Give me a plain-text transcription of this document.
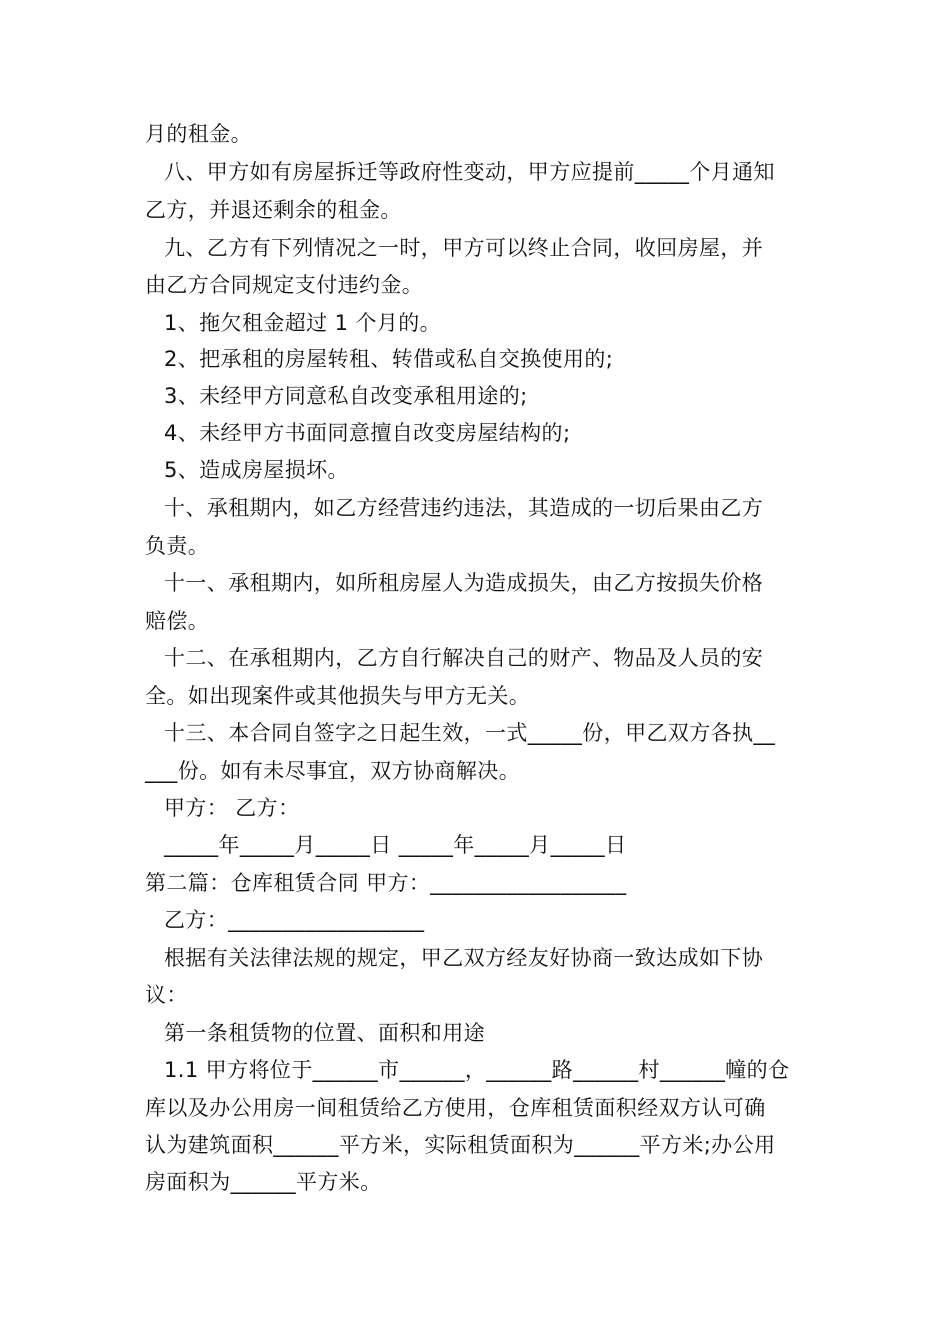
月的租金。
八、甲方如有房屋拆迁等政府性变动，甲方应提前_____个月通知
乙方，并退还剩余的租金。
九、乙方有下列情况之一时，甲方可以终止合同，收回房屋，并
由乙方合同规定支付违约金。
1、拖欠租金超过 1 个月的。
2、把承租的房屋转租、转借或私自交换使用的;
3、未经甲方同意私自改变承租用途的;
4、未经甲方书面同意擅自改变房屋结构的;
5、造成房屋损坏。
十、承租期内，如乙方经营违约违法，其造成的一切后果由乙方
负责。
十一、承租期内，如所租房屋人为造成损失，由乙方按损失价格
赔偿。
十二、在承租期内，乙方自行解决自己的财产、物品及人员的安
全。如出现案件或其他损失与甲方无关。
十三、本合同自签字之日起生效，一式_____份，甲乙双方各执__
___份。如有未尽事宜，双方协商解决。
甲方： 乙方：
_____年_____月_____日 _____年_____月_____日
第二篇：仓库租赁合同 甲方：__________________
乙方：__________________
根据有关法律法规的规定，甲乙双方经友好协商一致达成如下协
议：
第一条租赁物的位置、面积和用途
1.1 甲方将位于______市______，______路______村______幢的仓
库以及办公用房一间租赁给乙方使用，仓库租赁面积经双方认可确
认为建筑面积______平方米，实际租赁面积为______平方米;办公用
房面积为______平方米。
